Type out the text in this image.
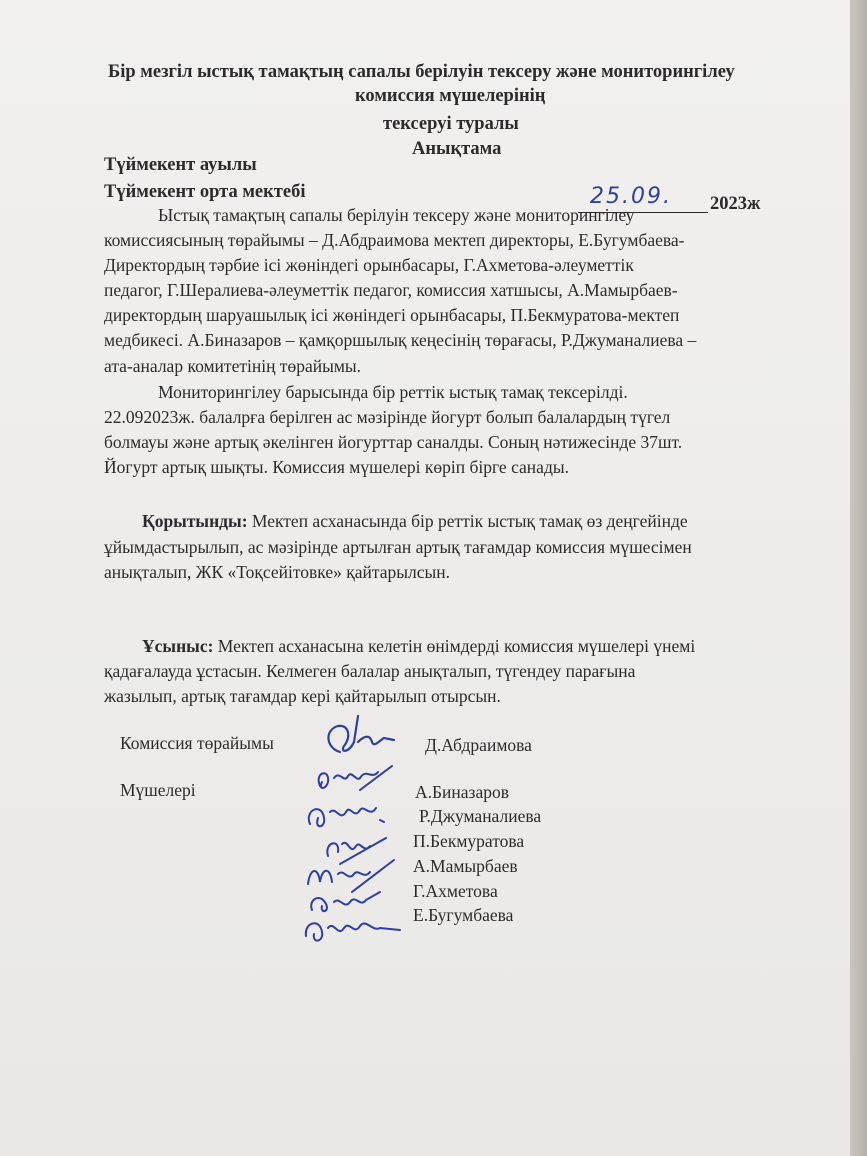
Бір мезгіл ыстық тамақтың сапалы берілуін тексеру және мониторингілеу
комиссия мүшелерінің
тексеруі туралы
Анықтама
Түймекент ауылы
Түймекент орта мектебі	25.09. 2023ж
Ыстық тамақтың сапалы берілуін тексеру және мониторингілеу
комиссиясының төрайымы – Д.Абдраимова мектеп директоры, Е.Бугумбаева-
Директордың тәрбие ісі жөніндегі орынбасары, Г.Ахметова-әлеуметтік
педагог, Г.Шералиева-әлеуметтік педагог, комиссия хатшысы, А.Мамырбаев-
директордың шаруашылық ісі жөніндегі орынбасары, П.Бекмуратова-мектеп
медбикесі. А.Биназаров – қамқоршылық кеңесінің төрағасы, Р.Джуманалиева –
ата-аналар комитетінің төрайымы.
Мониторингілеу барысында бір реттік ыстық тамақ тексерілді.
22.092023ж. балалрға берілген ас мәзірінде йогурт болып балалардың түгел
болмауы және артық әкелінген йогурттар саналды. Соның нәтижесінде 37шт.
Йогурт артық шықты. Комиссия мүшелері көріп бірге санады.
Қорытынды: Мектеп асханасында бір реттік ыстық тамақ өз деңгейінде
ұйымдастырылып, ас мәзірінде артылған артық тағамдар комиссия мүшесімен
анықталып, ЖК «Тоқсейітовке» қайтарылсын.
Ұсыныс: Мектеп асханасына келетін өнімдерді комиссия мүшелері үнемі
қадағалауда ұстасын. Келмеген балалар анықталып, түгендеу парағына
жазылып, артық тағамдар кері қайтарылып отырсын.
Комиссия төрайымы	Д.Абдраимова
Мүшелері	А.Биназаров
Р.Джуманалиева
П.Бекмуратова
А.Мамырбаев
Г.Ахметова
Е.Бугумбаева
